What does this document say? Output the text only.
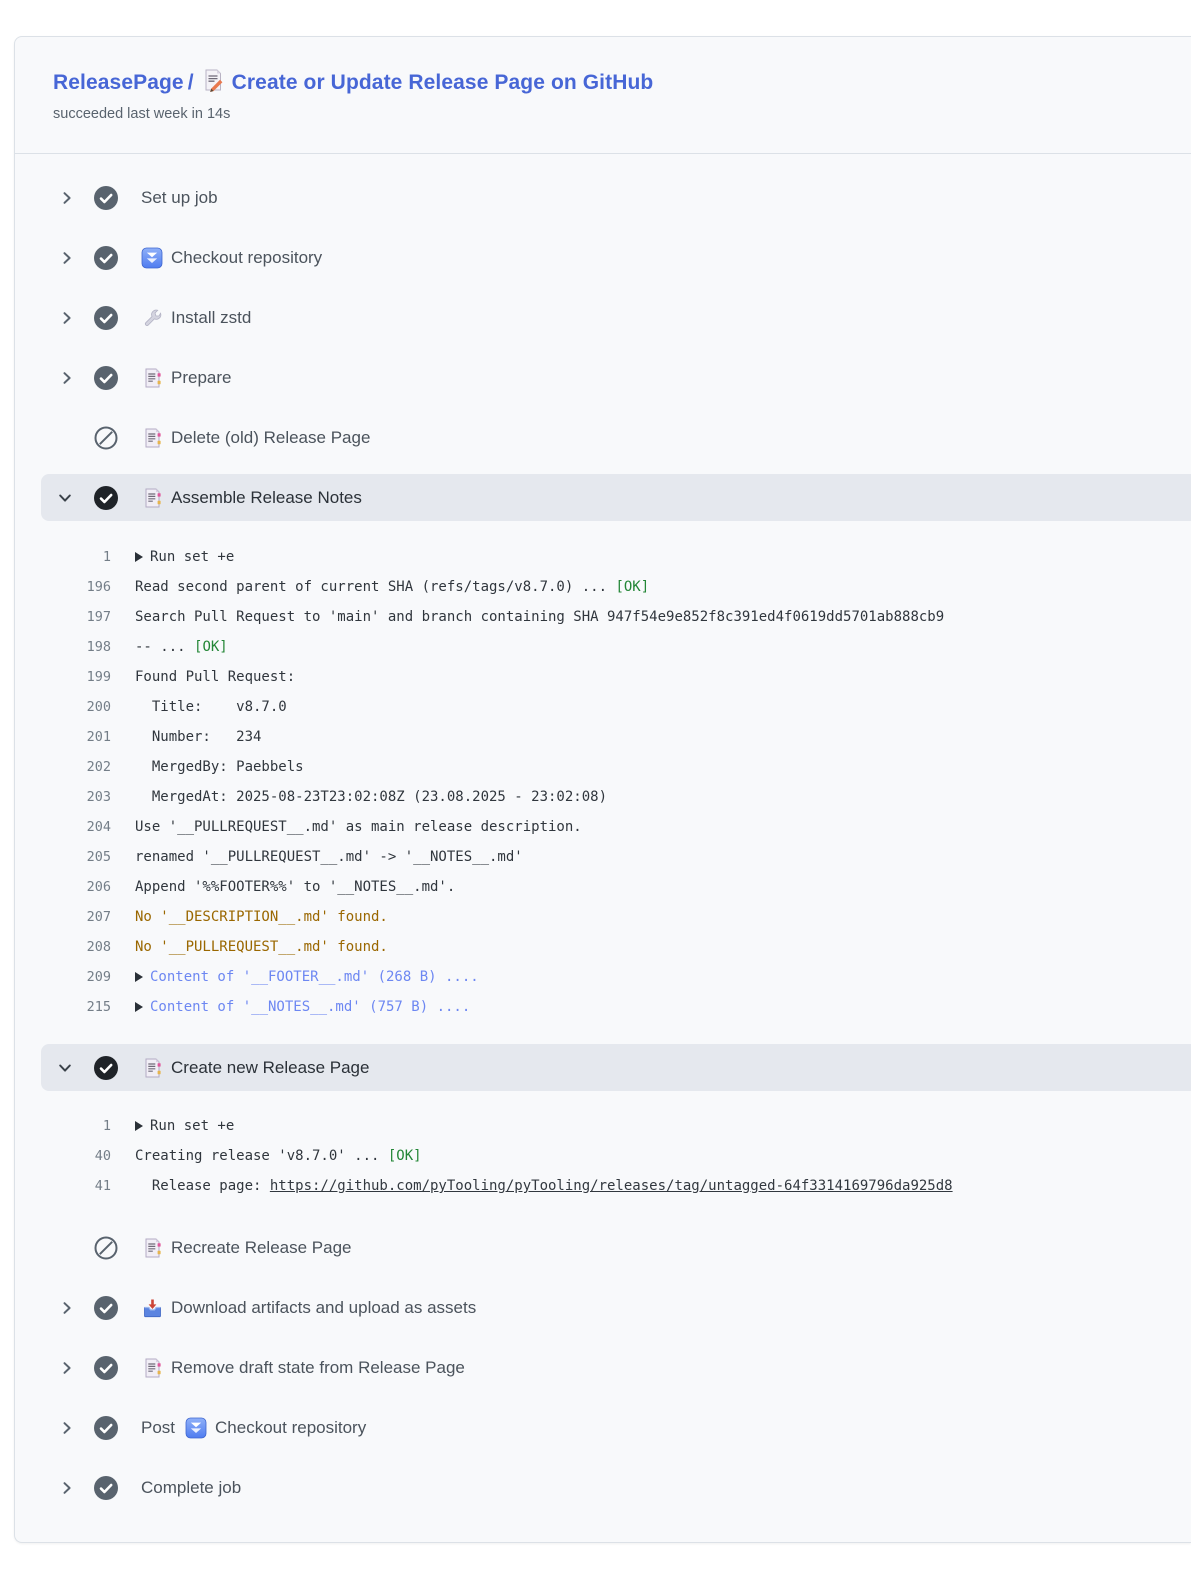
ReleasePage / Create or Update Release Page on GitHub
succeeded last week in 14s
Set up job
Checkout repository
Install zstd
Prepare
Delete (old) Release Page
Assemble Release Notes
1	Run set +e
196 Read second parent of current SHA (refs/tags/v8.7.0) ... [OK]
197 Search Pull Request to 'main' and branch containing SHA 947f54e9e852f8c391ed4f0619dd5701ab888cb9
198 -- ... [OK]
199 Found Pull Request:
200 Title:    v8.7.0
201 Number:   234
202 MergedBy: Paebbels
203 MergedAt: 2025-08-23T23:02:08Z (23.08.2025 - 23:02:08)
204 Use '__PULLREQUEST__.md' as main release description.
205 renamed '__PULLREQUEST__.md' -> '__NOTES__.md'
206 Append '%%FOOTER%%' to '__NOTES__.md'.
207 No '__DESCRIPTION__.md' found.
208 No '__PULLREQUEST__.md' found.
209	Content of '__FOOTER__.md' (268 B) ....
215	Content of '__NOTES__.md' (757 B) ....
Create new Release Page
1	Run set +e
40 Creating release 'v8.7.0' ... [OK]
41 Release page: https://github.com/pyTooling/pyTooling/releases/tag/untagged-64f3314169796da925d8
Recreate Release Page
Download artifacts and upload as assets
Remove draft state from Release Page
Post Checkout repository
Complete job
